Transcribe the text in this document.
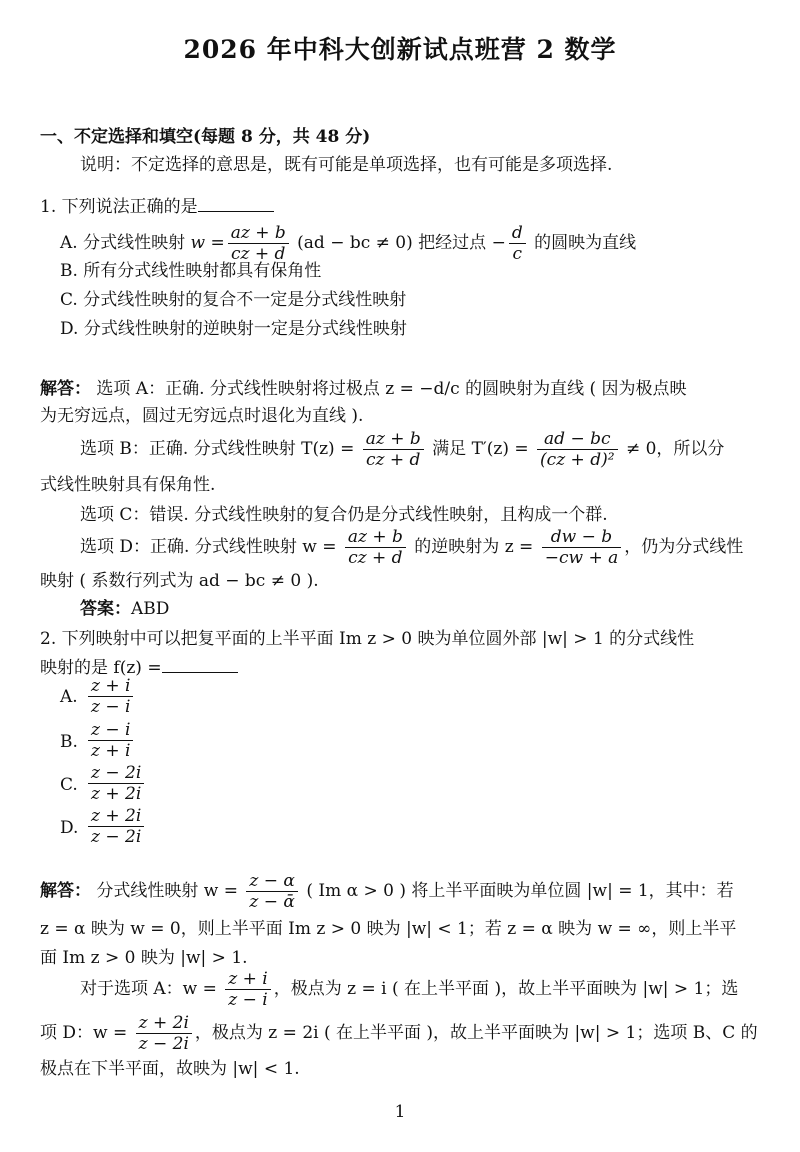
2026 年中科大创新试点班营 2 数学
一、不定选择和填空(每题 8 分，共 48 分)
说明：不定选择的意思是，既有可能是单项选择，也有可能是多项选择.
1. 下列说法正确的是
A. 分式线性映射 $w = \frac{az + b}{cz + d} (ad$ − bc ≠ 0) 把经过点 − $\frac{d}{c}$ 的圆映为直线
B. 所有分式线性映射都具有保角性
C. 分式线性映射的复合不一定是分式线性映射
D. 分式线性映射的逆映射一定是分式线性映射
解答： 选项 A：正确. 分式线性映射将过极点 z = −d/c 的圆映射为直线 ( 因为极点映
为无穷远点，圆过无穷远点时退化为直线 ).
选项 B：正确. 分式线性映射 $T(z) = \frac{az + b}{cz + d}$ 满足 $T'(z) = \frac{ad - bc}{\text{(cz + d)²}} \ne 0$，所以分
式线性映射具有保角性.
选项 C：错误. 分式线性映射的复合仍是分式线性映射，且构成一个群.
选项 D：正确. 分式线性映射 $w = \frac{az + b}{cz + d}$ 的逆映射为 $z = \frac{dw - b}{-cw + a}$ ，仍为分式线性
映射 ( 系数行列式为 ad − bc ≠ 0 ).
答案：ABD
2. 下列映射中可以把复平面的上半平面 Im z > 0 映为单位圆外部 |w| > 1 的分式线性
映射的是 f(z) =
A. $\frac{z + i}{z - i}$
B. $\frac{z - i}{z + i}$
C. $\frac{z - 2i}{z + 2i}$
D. $\frac{z + 2i}{z - 2i}$
解答： 分式线性映射 $w = \frac{z - \alpha}{\text{z − ᾱ}}$ ( Im α > 0 ) 将上半平面映为单位圆 |w| = 1，其中：若
z = α 映为 w = 0，则上半平面 Im z > 0 映为 |w| < 1；若 z = α 映为 w = ∞，则上半平
面 Im z > 0 映为 |w| > 1.
对于选项 A：$w = \frac{z + i}{z - i}$ ，极点为 z = i ( 在上半平面 )，故上半平面映为 |w| > 1；选
项 D：$w = \frac{z + 2i}{z - 2i}$ ，极点为 z = 2i ( 在上半平面 )，故上半平面映为 |w| > 1；选项 B、C 的
极点在下半平面，故映为 |w| < 1.
1
